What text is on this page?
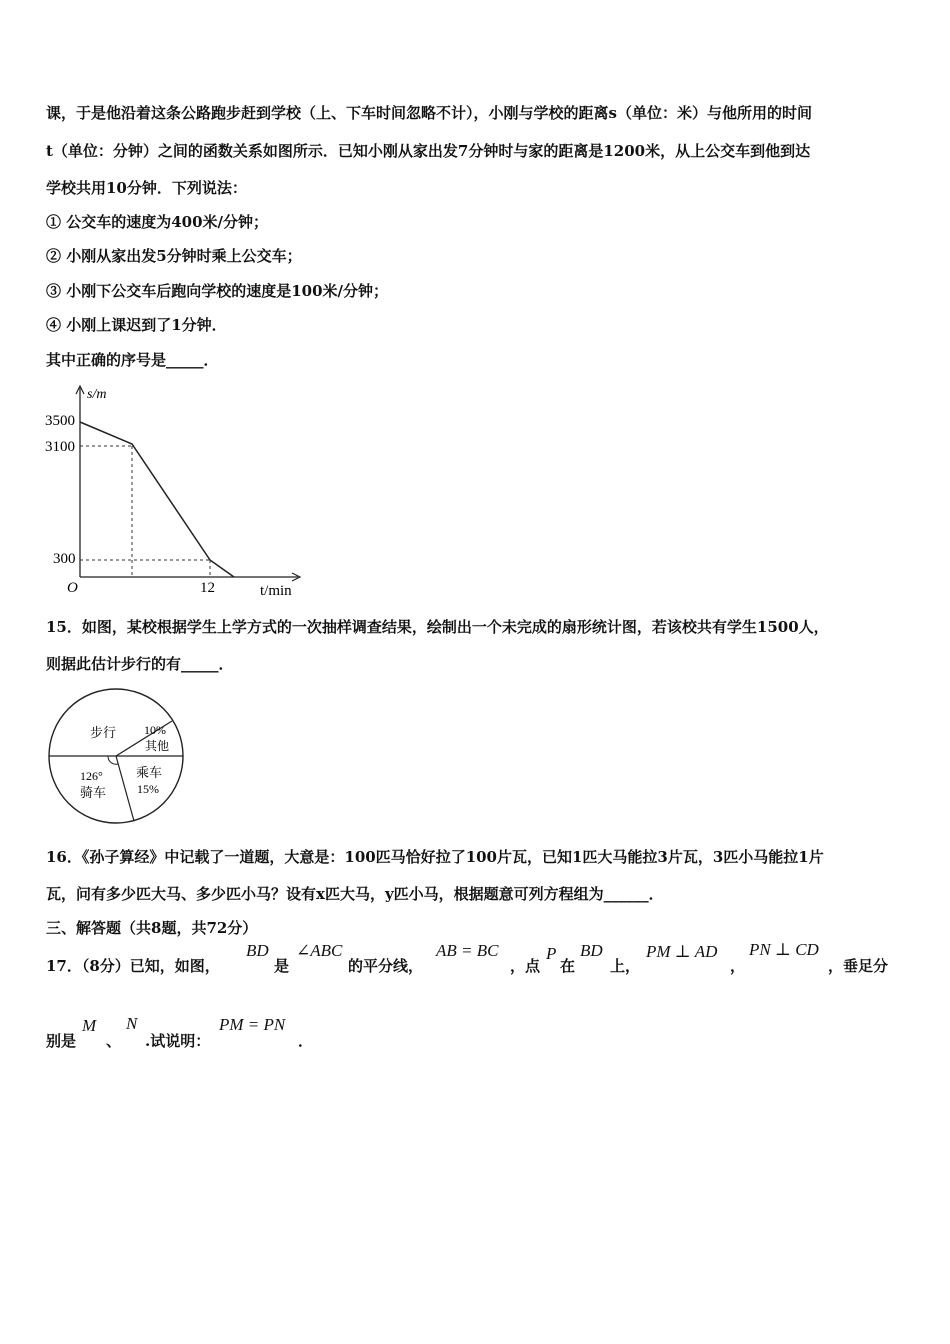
课，于是他沿着这条公路跑步赶到学校（上、下车时间忽略不计），小刚与学校的距离s（单位：米）与他所用的时间
t（单位：分钟）之间的函数关系如图所示．已知小刚从家出发7分钟时与家的距离是1200米，从上公交车到他到达
学校共用10分钟．下列说法：
① 公交车的速度为400米/分钟；
② 小刚从家出发5分钟时乘上公交车；
③ 小刚下公交车后跑向学校的速度是100米/分钟；
④ 小刚上课迟到了1分钟．
其中正确的序号是_____．
s/m
t/min
O
3500
3100
300
12
15．如图，某校根据学生上学方式的一次抽样调查结果，绘制出一个未完成的扇形统计图，若该校共有学生1500人，
则据此估计步行的有_____．
步行 10%
其他
126°
骑车
乘车
15%
16．《孙子算经》中记载了一道题，大意是：100匹马恰好拉了100片瓦，已知1匹大马能拉3片瓦，3匹小马能拉1片
瓦，问有多少匹大马、多少匹小马？设有x匹大马，y匹小马，根据题意可列方程组为______．
三、解答题（共8题，共72分）
17．（8分）已知，如图，
BD
是
∠ABC
的平分线，
AB = BC
，点
P
在
BD
上，
PM ⊥ AD
，
PN ⊥ CD
，垂足分
别是
M
、
N
.试说明：
PM = PN
．
